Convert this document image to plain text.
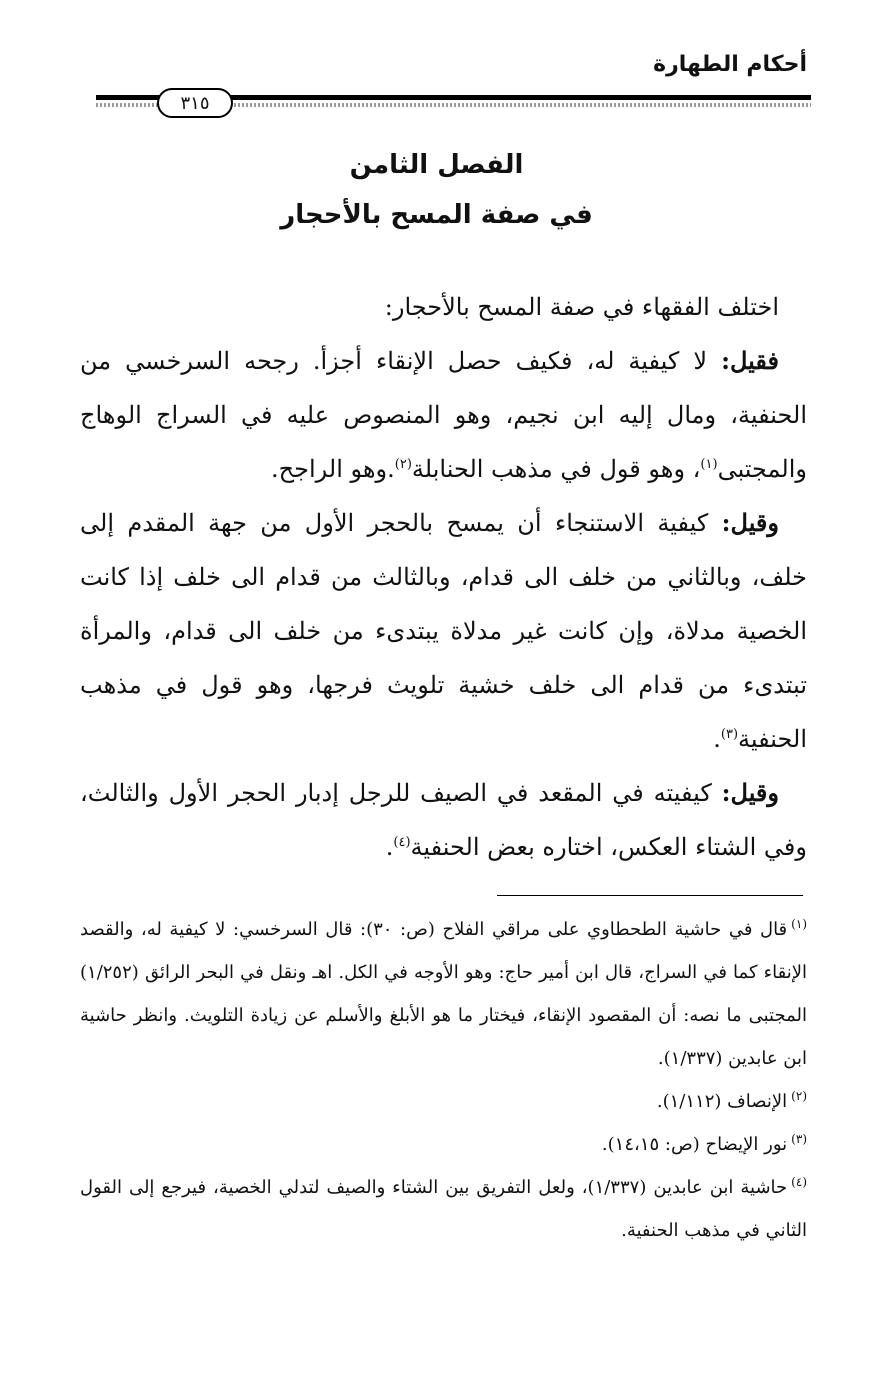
أحكام الطهارة
٣١٥
الفصل الثامن
في صفة المسح بالأحجار

اختلف الفقهاء في صفة المسح بالأحجار:

فقيل: لا كيفية له، فكيف حصل الإنقاء أجزأ. رجحه السرخسي من الحنفية، ومال إليه ابن نجيم، وهو المنصوص عليه في السراج الوهاج والمجتبى$^{(١)}$، وهو قول في مذهب الحنابلة$^{(٢)}$.وهو الراجح.

وقيل: كيفية الاستنجاء أن يمسح بالحجر الأول من جهة المقدم إلى خلف، وبالثاني من خلف الى قدام، وبالثالث من قدام الى خلف إذا كانت الخصية مدلاة، وإن كانت غير مدلاة يبتدىء من خلف الى قدام، والمرأة تبتدىء من قدام الى خلف خشية تلويث فرجها، وهو قول في مذهب الحنفية$^{(٣)}$.

وقيل: كيفيته في المقعد في الصيف للرجل إدبار الحجر الأول والثالث، وفي الشتاء العكس، اختاره بعض الحنفية$^{(٤)}$.

$^{(١)}$قال في حاشية الطحطاوي على مراقي الفلاح (ص: ٣٠): قال السرخسي: لا كيفية له، والقصد الإنقاء كما في السراج، قال ابن أمير حاج: وهو الأوجه في الكل. اهـ ونقل في البحر الرائق (١/٢٥٢) المجتبى ما نصه: أن المقصود الإنقاء، فيختار ما هو الأبلغ والأسلم عن زيادة التلويث. وانظر حاشية ابن عابدين (١/٣٣٧).

$^{(٢)}$الإنصاف (١/١١٢).

$^{(٣)}$نور الإيضاح (ص: ١٤،١٥).

$^{(٤)}$حاشية ابن عابدين (١/٣٣٧)، ولعل التفريق بين الشتاء والصيف لتدلي الخصية، فيرجع إلى القول الثاني في مذهب الحنفية.
